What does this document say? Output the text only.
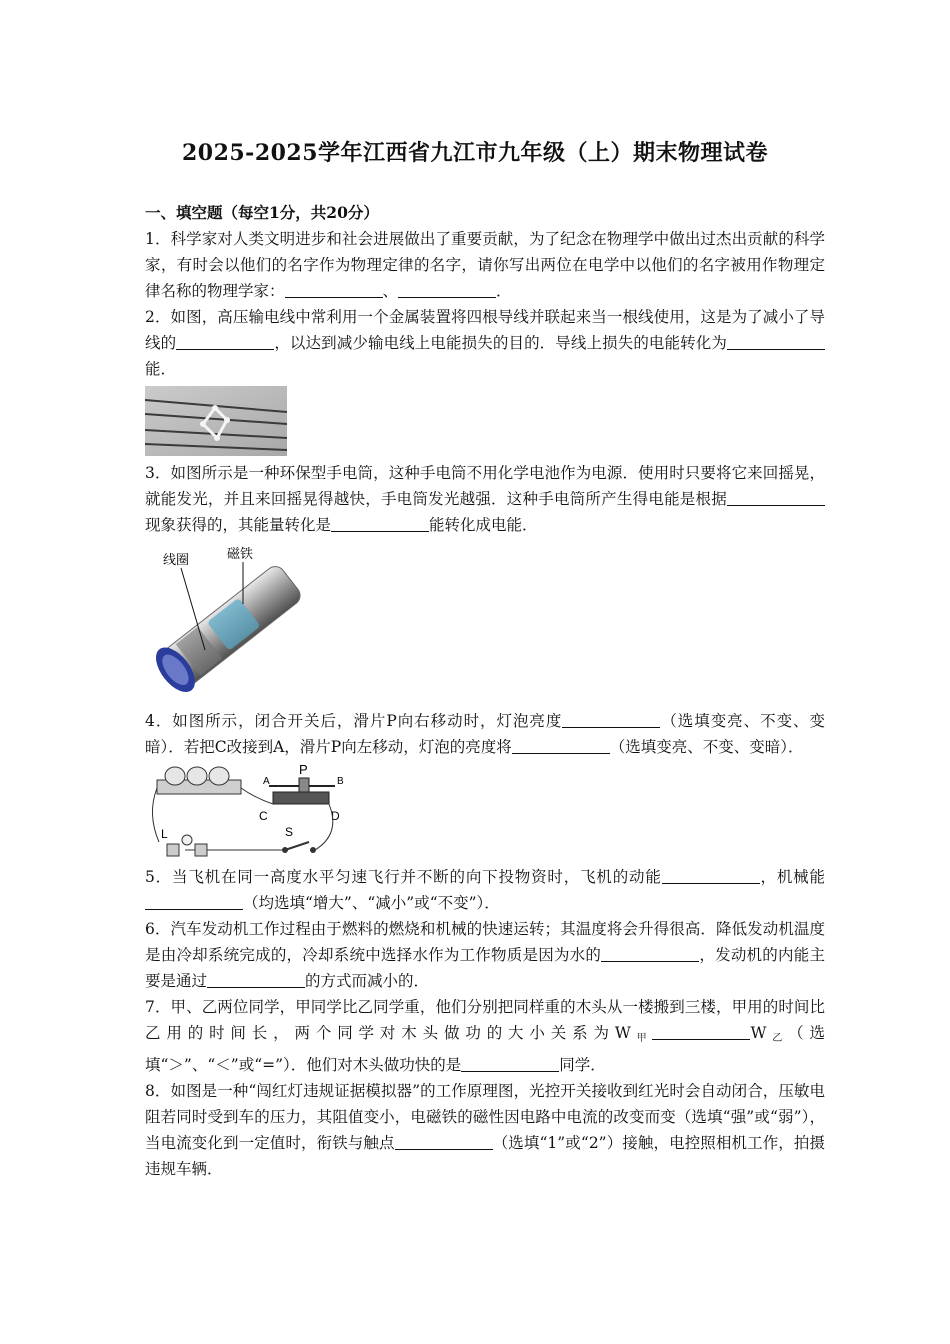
2025-2025学年江西省九江市九年级（上）期末物理试卷
一、填空题（每空1分，共20分）

1．科学家对人类文明进步和社会进展做出了重要贡献，为了纪念在物理学中做出过杰出贡献的科学家，有时会以他们的名字作为物理定律的名字，请你写出两位在电学中以他们的名字被用作物理定律名称的物理学家：	、	．

2．如图，高压输电线中常利用一个金属装置将四根导线并联起来当一根线使用，这是为了减小了导线的	，以达到减少输电线上电能损失的目的．导线上损失的电能转化为能．

3．如图所示是一种环保型手电筒，这种手电筒不用化学电池作为电源．使用时只要将它来回摇晃，就能发光，并且来回摇晃得越快，手电筒发光越强．这种手电筒所产生得电能是根据现象获得的，其能量转化是	能转化成电能．

线圈	磁铁

4．如图所示，闭合开关后，滑片P向右移动时，灯泡亮度	（选填变亮、不变、变暗）．若把C改接到A，滑片P向左移动，灯泡的亮度将	（选填变亮、不变、变暗）．

P
A	B
C	D
L	S

5．当飞机在同一高度水平匀速飞行并不断的向下投物资时，飞机的动能	，机械能（均选填“增大”、“减小”或“不变”）．

6．汽车发动机工作过程由于燃料的燃烧和机械的快速运转；其温度将会升得很高．降低发动机温度是由冷却系统完成的，冷却系统中选择水作为工作物质是因为水的	，发动机的内能主要是通过	的方式而减小的．

7．甲、乙两位同学，甲同学比乙同学重，他们分别把同样重的木头从一楼搬到三楼，甲用的时间比乙用的时间长，两个同学对木头做功的大小关系为$W_甲$	$W_乙$（选填“＞”、“＜”或“=”）．他们对木头做功快的是	同学．

8．如图是一种“闯红灯违规证据模拟器”的工作原理图，光控开关接收到红光时会自动闭合，压敏电阻若同时受到车的压力，其阻值变小，电磁铁的磁性因电路中电流的改变而变（选填“强”或“弱”），当电流变化到一定值时，衔铁与触点	（选填“1”或“2”）接触，电控照相机工作，拍摄违规车辆．
